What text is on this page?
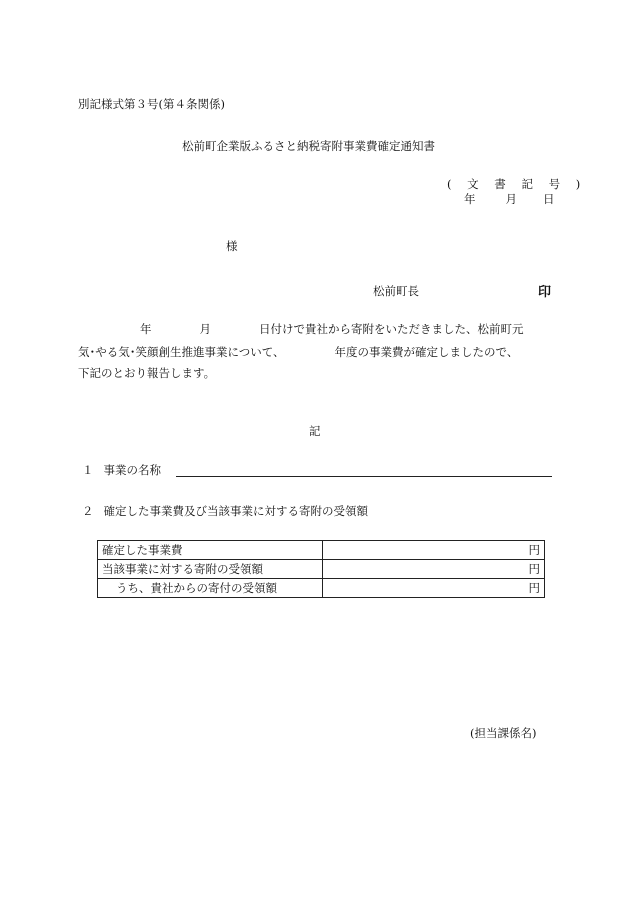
別記様式第３号(第４条関係)
松前町企業版ふるさと納税寄附事業費確定通知書
( 文 書 記 号 )
年	月 日
様
松前町長	印
年	月	日付けで貴社から寄附をいただきました、松前町元
気･やる気･笑顔創生推進事業について、	年度の事業費が確定しましたので、
下記のとおり報告します。
記
１ 事業の名称
２ 確定した事業費及び当該事業に対する寄附の受領額
確定した事業費	円
当該事業に対する寄附の受領額	円
うち、貴社からの寄付の受領額	円
(担当課係名)
